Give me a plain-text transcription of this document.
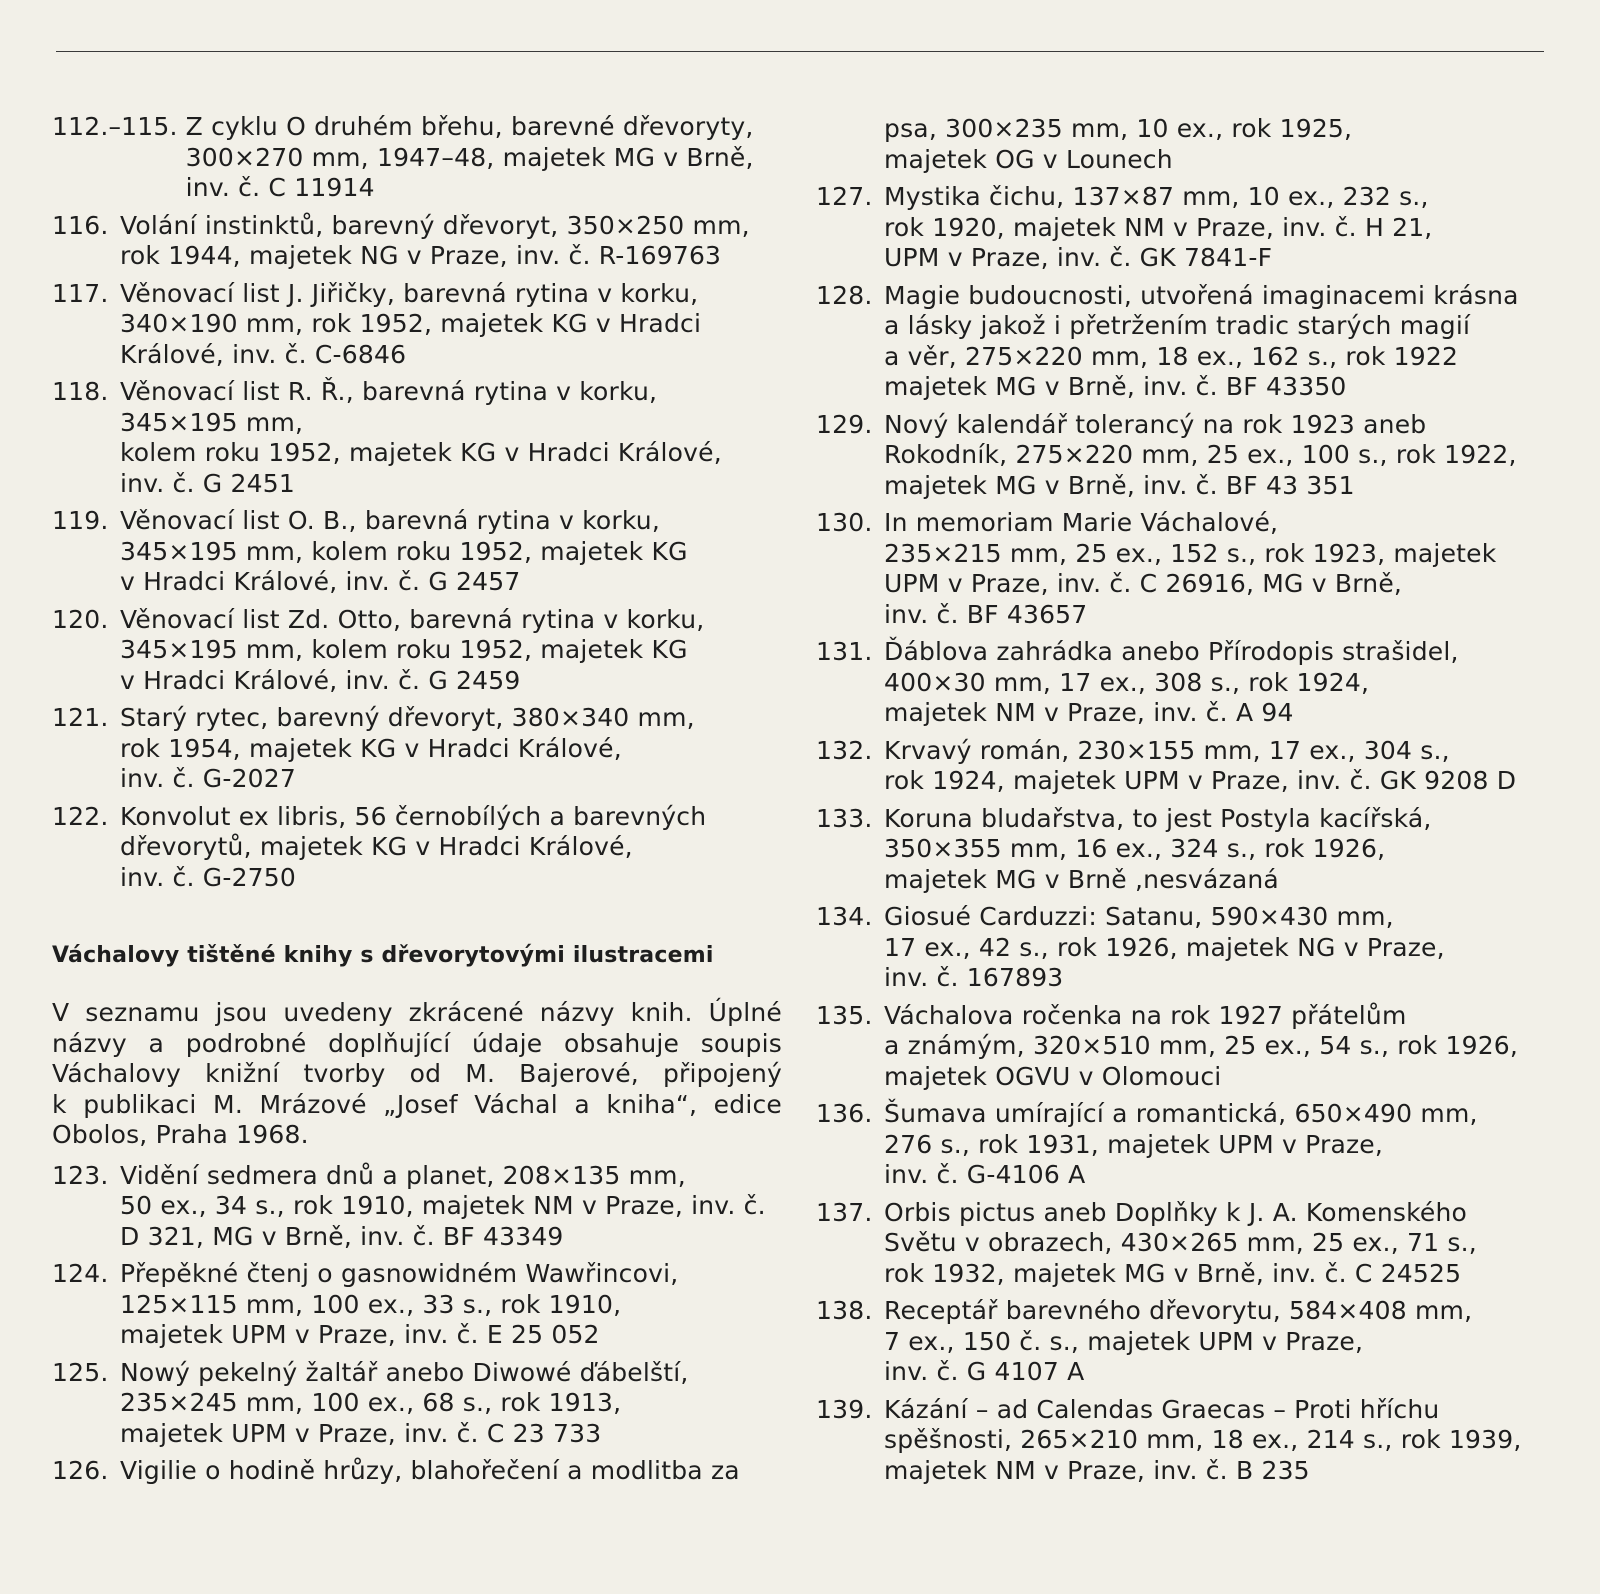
112.–115. Z cyklu O druhém břehu, barevné dřevoryty,
300×270 mm, 1947–48, majetek MG v Brně,
inv. č. C 11914
116. Volání instinktů, barevný dřevoryt, 350×250 mm,
rok 1944, majetek NG v Praze, inv. č. R-169763
117. Věnovací list J. Jiřičky, barevná rytina v korku,
340×190 mm, rok 1952, majetek KG v Hradci
Králové, inv. č. C-6846
118. Věnovací list R. Ř., barevná rytina v korku,
345×195 mm,
kolem roku 1952, majetek KG v Hradci Králové,
inv. č. G 2451
119. Věnovací list O. B., barevná rytina v korku,
345×195 mm, kolem roku 1952, majetek KG
v Hradci Králové, inv. č. G 2457
120. Věnovací list Zd. Otto, barevná rytina v korku,
345×195 mm, kolem roku 1952, majetek KG
v Hradci Králové, inv. č. G 2459
121. Starý rytec, barevný dřevoryt, 380×340 mm,
rok 1954, majetek KG v Hradci Králové,
inv. č. G-2027
122. Konvolut ex libris, 56 černobílých a barevných
dřevorytů, majetek KG v Hradci Králové,
inv. č. G-2750
Váchalovy tištěné knihy s dřevorytovými ilustracemi
V seznamu jsou uvedeny zkrácené názvy knih. Úplné
názvy a podrobné doplňující údaje obsahuje soupis
Váchalovy knižní tvorby od M. Bajerové, připojený
k publikaci M. Mrázové „Josef Váchal a kniha“, edice
Obolos, Praha 1968.
123. Vidění sedmera dnů a planet, 208×135 mm,
50 ex., 34 s., rok 1910, majetek NM v Praze, inv. č.
D 321, MG v Brně, inv. č. BF 43349
124. Přepěkné čtenj o gasnowidném Wawřincovi,
125×115 mm, 100 ex., 33 s., rok 1910,
majetek UPM v Praze, inv. č. E 25 052
125. Nowý pekelný žaltář anebo Diwowé ďábelští,
235×245 mm, 100 ex., 68 s., rok 1913,
majetek UPM v Praze, inv. č. C 23 733
126. Vigilie o hodině hrůzy, blahořečení a modlitba za
psa, 300×235 mm, 10 ex., rok 1925,
majetek OG v Lounech
127. Mystika čichu, 137×87 mm, 10 ex., 232 s.,
rok 1920, majetek NM v Praze, inv. č. H 21,
UPM v Praze, inv. č. GK 7841-F
128. Magie budoucnosti, utvořená imaginacemi krásna
a lásky jakož i přetržením tradic starých magií
a věr, 275×220 mm, 18 ex., 162 s., rok 1922
majetek MG v Brně, inv. č. BF 43350
129. Nový kalendář tolerancý na rok 1923 aneb
Rokodník, 275×220 mm, 25 ex., 100 s., rok 1922,
majetek MG v Brně, inv. č. BF 43 351
130. In memoriam Marie Váchalové,
235×215 mm, 25 ex., 152 s., rok 1923, majetek
UPM v Praze, inv. č. C 26916, MG v Brně,
inv. č. BF 43657
131. Ďáblova zahrádka anebo Přírodopis strašidel,
400×30 mm, 17 ex., 308 s., rok 1924,
majetek NM v Praze, inv. č. A 94
132. Krvavý román, 230×155 mm, 17 ex., 304 s.,
rok 1924, majetek UPM v Praze, inv. č. GK 9208 D
133. Koruna bludařstva, to jest Postyla kacířská,
350×355 mm, 16 ex., 324 s., rok 1926,
majetek MG v Brně ,nesvázaná
134. Giosué Carduzzi: Satanu, 590×430 mm,
17 ex., 42 s., rok 1926, majetek NG v Praze,
inv. č. 167893
135. Váchalova ročenka na rok 1927 přátelům
a známým, 320×510 mm, 25 ex., 54 s., rok 1926,
majetek OGVU v Olomouci
136. Šumava umírající a romantická, 650×490 mm,
276 s., rok 1931, majetek UPM v Praze,
inv. č. G-4106 A
137. Orbis pictus aneb Doplňky k J. A. Komenského
Světu v obrazech, 430×265 mm, 25 ex., 71 s.,
rok 1932, majetek MG v Brně, inv. č. C 24525
138. Receptář barevného dřevorytu, 584×408 mm,
7 ex., 150 č. s., majetek UPM v Praze,
inv. č. G 4107 A
139. Kázání – ad Calendas Graecas – Proti hříchu
spěšnosti, 265×210 mm, 18 ex., 214 s., rok 1939,
majetek NM v Praze, inv. č. B 235
